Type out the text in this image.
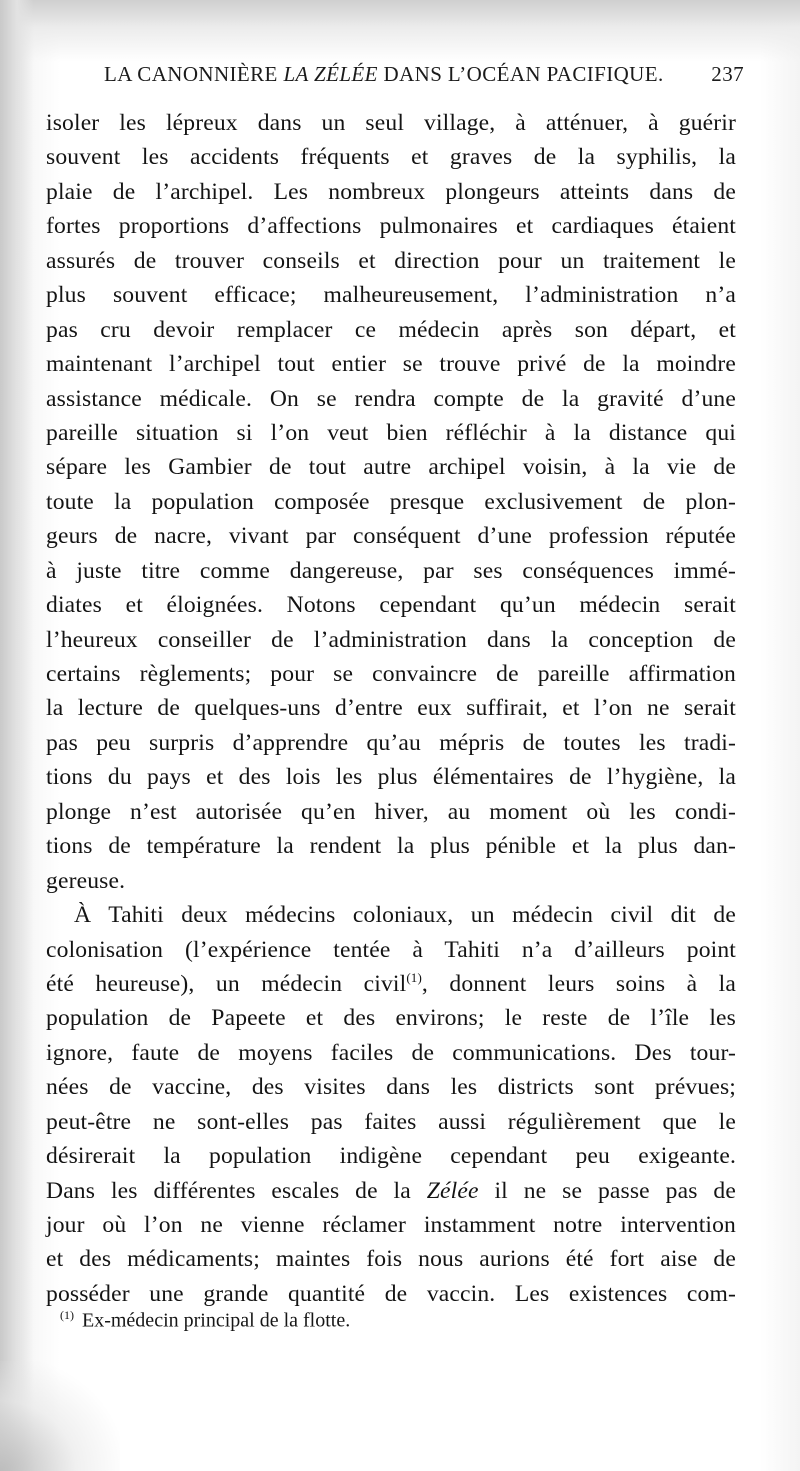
LA CANONNIÈRE LA ZÉLÉE DANS L’OCÉAN PACIFIQUE. 237
isoler les lépreux dans un seul village, à atténuer, à guérir
souvent les accidents fréquents et graves de la syphilis, la
plaie de l’archipel. Les nombreux plongeurs atteints dans de
fortes proportions d’affections pulmonaires et cardiaques étaient
assurés de trouver conseils et direction pour un traitement le
plus souvent efficace; malheureusement, l’administration n’a
pas cru devoir remplacer ce médecin après son départ, et
maintenant l’archipel tout entier se trouve privé de la moindre
assistance médicale. On se rendra compte de la gravité d’une
pareille situation si l’on veut bien réfléchir à la distance qui
sépare les Gambier de tout autre archipel voisin, à la vie de
toute la population composée presque exclusivement de plon-
geurs de nacre, vivant par conséquent d’une profession réputée
à juste titre comme dangereuse, par ses conséquences immé-
diates et éloignées. Notons cependant qu’un médecin serait
l’heureux conseiller de l’administration dans la conception de
certains règlements; pour se convaincre de pareille affirmation
la lecture de quelques-uns d’entre eux suffirait, et l’on ne serait
pas peu surpris d’apprendre qu’au mépris de toutes les tradi-
tions du pays et des lois les plus élémentaires de l’hygiène, la
plonge n’est autorisée qu’en hiver, au moment où les condi-
tions de température la rendent la plus pénible et la plus dan-
gereuse.
À Tahiti deux médecins coloniaux, un médecin civil dit de
colonisation (l’expérience tentée à Tahiti n’a d’ailleurs point
été heureuse), un médecin civil$^{(1)}$, donnent leurs soins à la
population de Papeete et des environs; le reste de l’île les
ignore, faute de moyens faciles de communications. Des tour-
nées de vaccine, des visites dans les districts sont prévues;
peut-être ne sont-elles pas faites aussi régulièrement que le
désirerait la population indigène cependant peu exigeante.
Dans les différentes escales de la Zélée il ne se passe pas de
jour où l’on ne vienne réclamer instamment notre intervention
et des médicaments; maintes fois nous aurions été fort aise de
posséder une grande quantité de vaccin. Les existences com-
$^{(1)}$ Ex-médecin principal de la flotte.
